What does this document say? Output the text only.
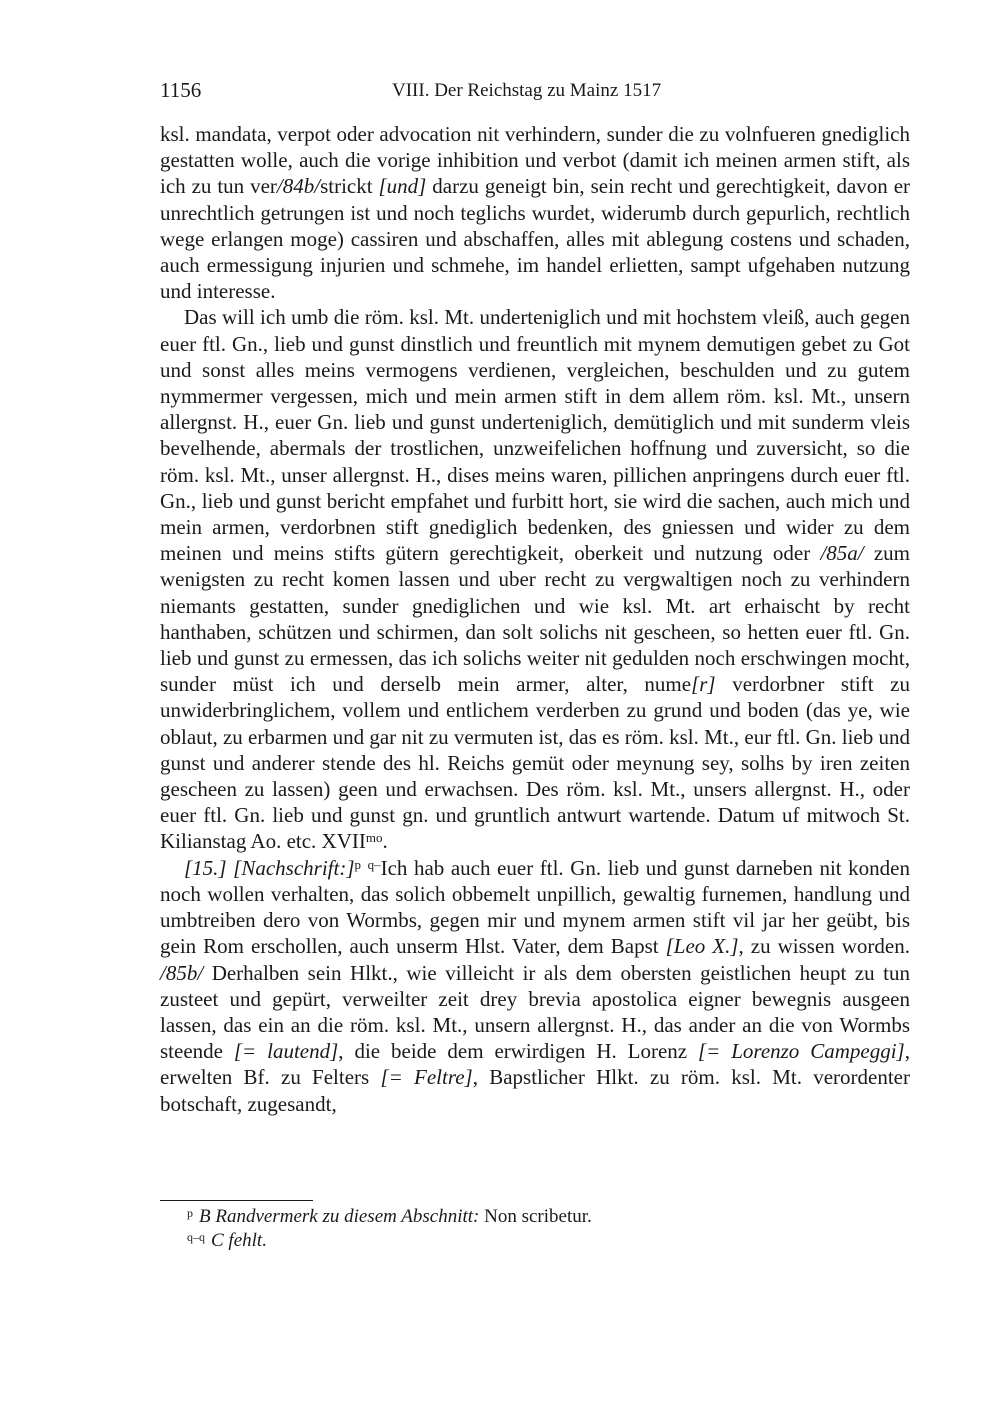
1156	VIII. Der Reichstag zu Mainz 1517

ksl. mandata, verpot oder advocation nit verhindern, sunder die zu volnfueren gnediglich gestatten wolle, auch die vorige inhibition und verbot (damit ich meinen armen stift, als ich zu tun ver/84b/strickt [und] darzu geneigt bin, sein recht und gerechtigkeit, davon er unrechtlich getrungen ist und noch teglichs wurdet, widerumb durch gepurlich, rechtlich wege erlangen moge) cassiren und abschaffen, alles mit ablegung costens und schaden, auch ermessigung injurien und schmehe, im handel erlietten, sampt ufgehaben nutzung und interesse.

Das will ich umb die röm. ksl. Mt. underteniglich und mit hochstem vleiß, auch gegen euer ftl. Gn., lieb und gunst dinstlich und freuntlich mit mynem demutigen gebet zu Got und sonst alles meins vermogens verdienen, vergleichen, beschulden und zu gutem nymmermer vergessen, mich und mein armen stift in dem allem röm. ksl. Mt., unsern allergnst. H., euer Gn. lieb und gunst underteniglich, demütiglich und mit sunderm vleis bevelhende, abermals der trostlichen, unzweifelichen hoffnung und zuversicht, so die röm. ksl. Mt., unser allergnst. H., dises meins waren, pillichen anpringens durch euer ftl. Gn., lieb und gunst bericht empfahet und furbitt hort, sie wird die sachen, auch mich und mein armen, verdorbnen stift gnediglich bedenken, des gniessen und wider zu dem meinen und meins stifts gütern gerechtigkeit, oberkeit und nutzung oder /85a/ zum wenigsten zu recht komen lassen und uber recht zu vergwaltigen noch zu verhindern niemants gestatten, sunder gnediglichen und wie ksl. Mt. art erhaischt by recht hanthaben, schützen und schirmen, dan solt solichs nit gescheen, so hetten euer ftl. Gn. lieb und gunst zu ermessen, das ich solichs weiter nit gedulden noch erschwingen mocht, sunder müst ich und derselb mein armer, alter, nume[r] verdorbner stift zu unwiderbringlichem, vollem und entlichem verderben zu grund und boden (das ye, wie oblaut, zu erbarmen und gar nit zu vermuten ist, das es röm. ksl. Mt., eur ftl. Gn. lieb und gunst und anderer stende des hl. Reichs gemüt oder meynung sey, solhs by iren zeiten gescheen zu lassen) geen und erwachsen. Des röm. ksl. Mt., unsers allergnst. H., oder euer ftl. Gn. lieb und gunst gn. und gruntlich antwurt wartende. Datum uf mitwoch St. Kilianstag Ao. etc. $XVII^{mo}$.

[15.] [Nachschrift:]$^p$ $^{q-}$Ich hab auch euer ftl. Gn. lieb und gunst darneben nit konden noch wollen verhalten, das solich obbemelt unpillich, gewaltig furnemen, handlung und umbtreiben dero von Wormbs, gegen mir und mynem armen stift vil jar her geübt, bis gein Rom erschollen, auch unserm Hlst. Vater, dem Bapst [Leo X.], zu wissen worden. /85b/ Derhalben sein Hlkt., wie villeicht ir als dem obersten geistlichen heupt zu tun zusteet und gepürt, verweilter zeit drey brevia apostolica eigner bewegnis ausgeen lassen, das ein an die röm. ksl. Mt., unsern allergnst. H., das ander an die von Wormbs steende [= lautend], die beide dem erwirdigen H. Lorenz [= Lorenzo Campeggi], erwelten Bf. zu Felters [= Feltre], Bapstlicher Hlkt. zu röm. ksl. Mt. verordenter botschaft, zugesandt,

$^p$ B Randvermerk zu diesem Abschnitt: Non scribetur.

$^{q-q}$ C fehlt.
